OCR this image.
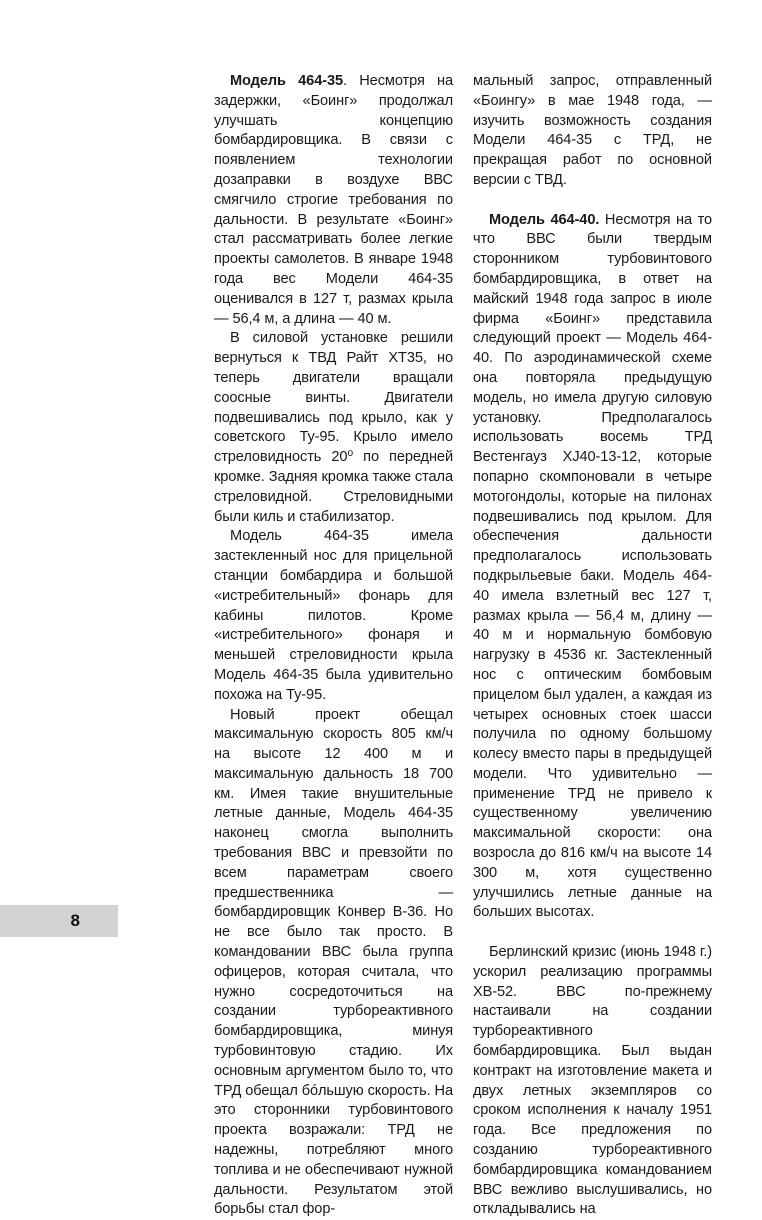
Модель 464-35. Несмотря на задержки, «Боинг» продолжал улучшать концепцию бомбардировщика. В связи с появлением технологии дозаправки в воздухе ВВС смягчило строгие требования по дальности. В результате «Боинг» стал рассматривать более легкие проекты самолетов. В январе 1948 года вес Модели 464-35 оценивался в 127 т, размах крыла — 56,4 м, а длина — 40 м.

В силовой установке решили вернуться к ТВД Райт ХТ35, но теперь двигатели вращали соосные винты. Двигатели подвешивались под крыло, как у советского Ту-95. Крыло имело стреловидность 20⁰ по передней кромке. Задняя кромка также стала стреловидной. Стреловидными были киль и стабилизатор.

Модель 464-35 имела застекленный нос для прицельной станции бомбардира и большой «истребительный» фонарь для кабины пилотов. Кроме «истребительного» фонаря и меньшей стреловидности крыла Модель 464-35 была удивительно похожа на Ту-95.

Новый проект обещал максимальную скорость 805 км/ч на высоте 12 400 м и максимальную дальность 18 700 км. Имея такие внушительные летные данные, Модель 464-35 наконец смогла выполнить требования ВВС и превзойти по всем параметрам своего предшественника — бомбардировщик Конвер В-36. Но не все было так просто. В командовании ВВС была группа офицеров, которая считала, что нужно сосредоточиться на создании турбореактивного бомбардировщика, минуя турбовинтовую стадию. Их основным аргументом было то, что ТРД обещал бóльшую скорость. На это сторонники турбовинтового проекта возражали: ТРД не надежны, потребляют много топлива и не обеспечивают нужной дальности. Результатом этой борьбы стал фор-

мальный запрос, отправленный «Боингу» в мае 1948 года, — изучить возможность создания Модели 464-35 с ТРД, не прекращая работ по основной версии с ТВД.

Модель 464-40. Несмотря на то что ВВС были твердым сторонником турбовинтового бомбардировщика, в ответ на майский 1948 года запрос в июле фирма «Боинг» представила следующий проект — Модель 464-40. По аэродинамической схеме она повторяла предыдущую модель, но имела другую силовую установку. Предполагалось использовать восемь ТРД Вестенгауз XJ40-13-12, которые попарно скомпоновали в четыре мотогондолы, которые на пилонах подвешивались под крылом. Для обеспечения дальности предполагалось использовать подкрыльевые баки. Модель 464-40 имела взлетный вес 127 т, размах крыла — 56,4 м, длину — 40 м и нормальную бомбовую нагрузку в 4536 кг. Застекленный нос с оптическим бомбовым прицелом был удален, а каждая из четырех основных стоек шасси получила по одному большому колесу вместо пары в предыдущей модели. Что удивительно — применение ТРД не привело к существенному увеличению максимальной скорости: она возросла до 816 км/ч на высоте 14 300 м, хотя существенно улучшились летные данные на больших высотах.

Берлинский кризис (июнь 1948 г.) ускорил реализацию программы XB-52. ВВС по-прежнему настаивали на создании турбореактивного бомбардировщика. Был выдан контракт на изготовление макета и двух летных экземпляров со сроком исполнения к началу 1951 года. Все предложения по созданию турбореактивного бомбардировщика командованием ВВС вежливо выслушивались, но откладывались на

8
